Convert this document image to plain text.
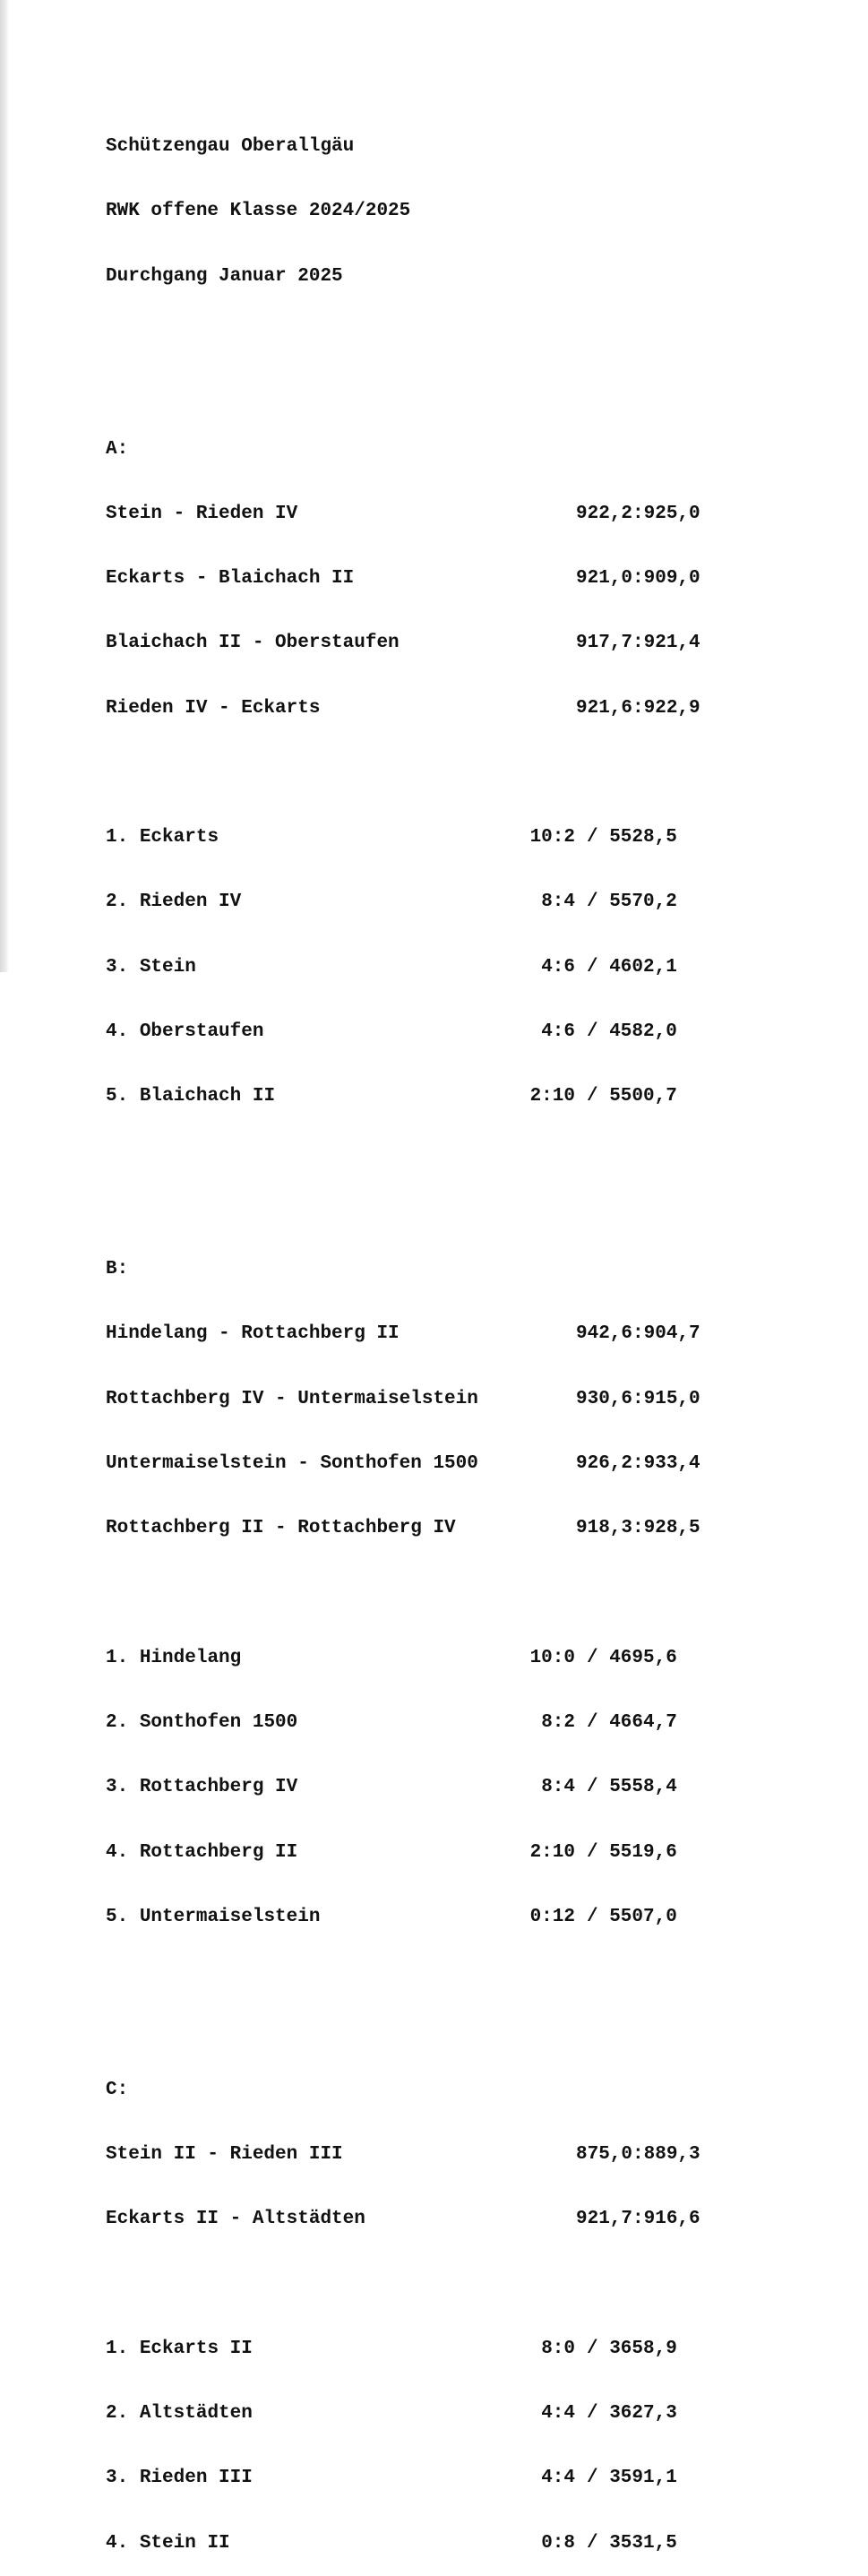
Schützengau Oberallgäu

RWK offene Klasse 2024/2025

Durchgang Januar 2025

A:

Stein - Rieden IV	922,2:925,0

Eckarts - Blaichach II	921,0:909,0

Blaichach II - Oberstaufen	917,7:921,4

Rieden IV - Eckarts	921,6:922,9

1. Eckarts	10:2 / 5528,5

2. Rieden IV	8:4 / 5570,2

3. Stein	4:6 / 4602,1

4. Oberstaufen	4:6 / 4582,0

5. Blaichach II	2:10 / 5500,7

B:

Hindelang - Rottachberg II	942,6:904,7

Rottachberg IV - Untermaiselstein	930,6:915,0

Untermaiselstein - Sonthofen 1500	926,2:933,4

Rottachberg II - Rottachberg IV	918,3:928,5

1. Hindelang	10:0 / 4695,6

2. Sonthofen 1500	8:2 / 4664,7

3. Rottachberg IV	8:4 / 5558,4

4. Rottachberg II	2:10 / 5519,6

5. Untermaiselstein	0:12 / 5507,0

C:

Stein II - Rieden III	875,0:889,3

Eckarts II - Altstädten	921,7:916,6

1. Eckarts II	8:0 / 3658,9

2. Altstädten	4:4 / 3627,3

3. Rieden III	4:4 / 3591,1

4. Stein II	0:8 / 3531,5
